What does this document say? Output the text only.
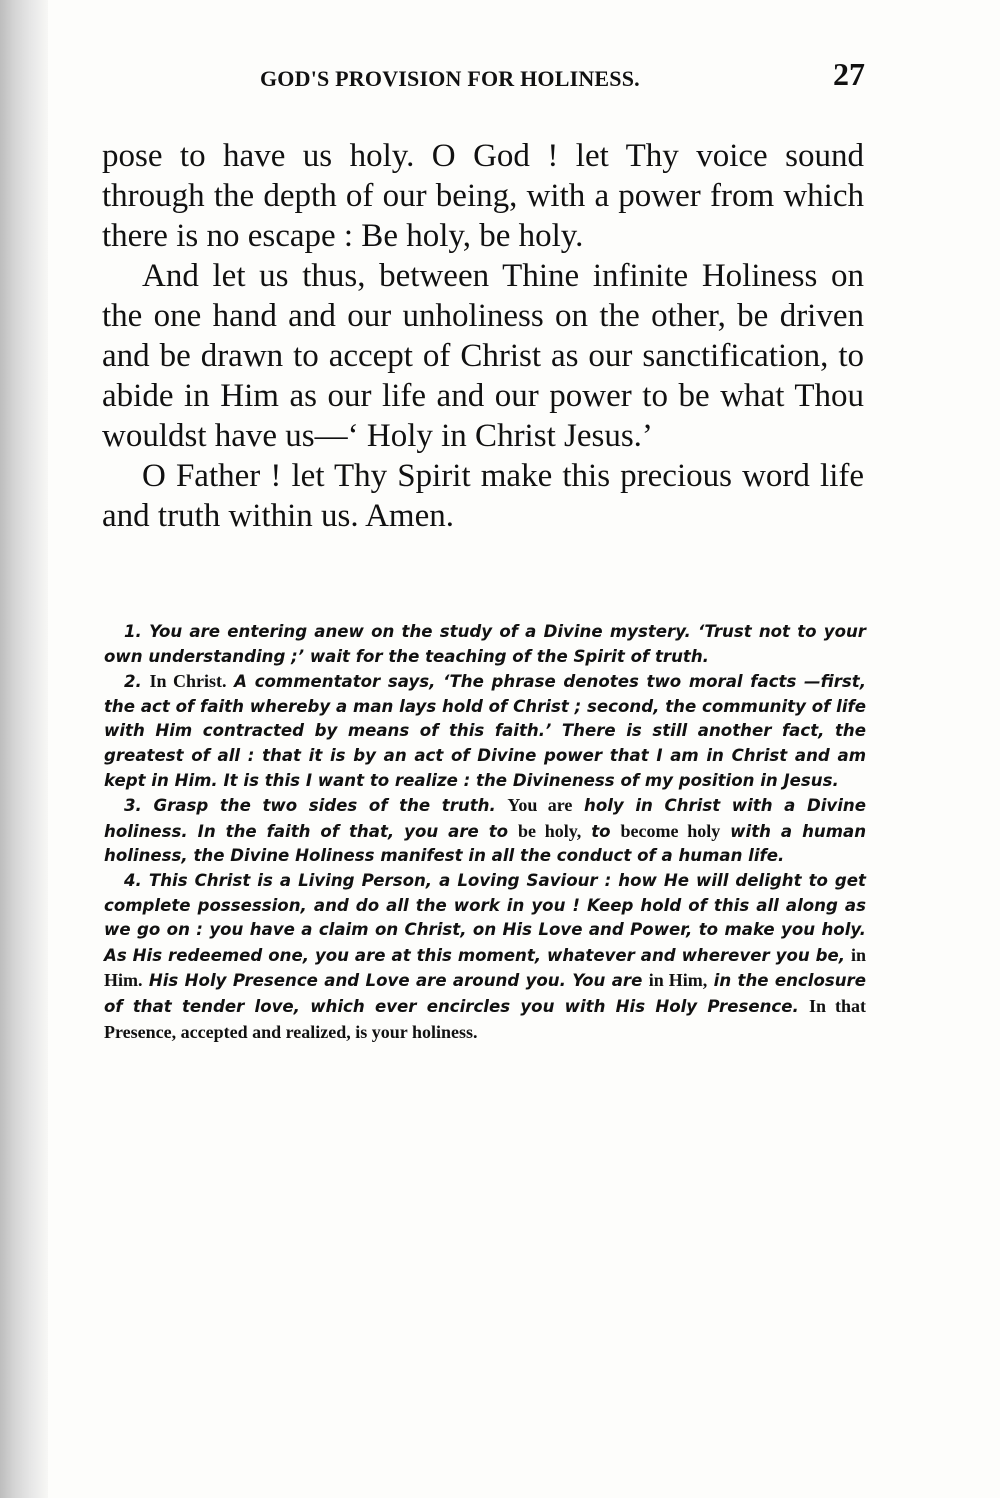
GOD'S PROVISION FOR HOLINESS.	27

pose to have us holy. O God ! let Thy voice sound through the depth of our being, with a power from which there is no escape : Be holy, be holy.

And let us thus, between Thine infinite Holiness on the one hand and our unholiness on the other, be driven and be drawn to accept of Christ as our sanctification, to abide in Him as our life and our power to be what Thou wouldst have us—‘ Holy in Christ Jesus.’

O Father ! let Thy Spirit make this precious word life and truth within us. Amen.

1. You are entering anew on the study of a Divine mystery. ‘Trust not to your own understanding ;’ wait for the teaching of the Spirit of truth.

2. In Christ. A commentator says, ‘The phrase denotes two moral facts —first, the act of faith whereby a man lays hold of Christ ; second, the community of life with Him contracted by means of this faith.’ There is still another fact, the greatest of all : that it is by an act of Divine power that I am in Christ and am kept in Him. It is this I want to realize : the Divineness of my position in Jesus.

3. Grasp the two sides of the truth. You are holy in Christ with a Divine holiness. In the faith of that, you are to be holy, to become holy with a human holiness, the Divine Holiness manifest in all the conduct of a human life.

4. This Christ is a Living Person, a Loving Saviour : how He will delight to get complete possession, and do all the work in you ! Keep hold of this all along as we go on : you have a claim on Christ, on His Love and Power, to make you holy. As His redeemed one, you are at this moment, whatever and wherever you be, in Him. His Holy Presence and Love are around you. You are in Him, in the enclosure of that tender love, which ever encircles you with His Holy Presence. In that Presence, accepted and realized, is your holiness.
